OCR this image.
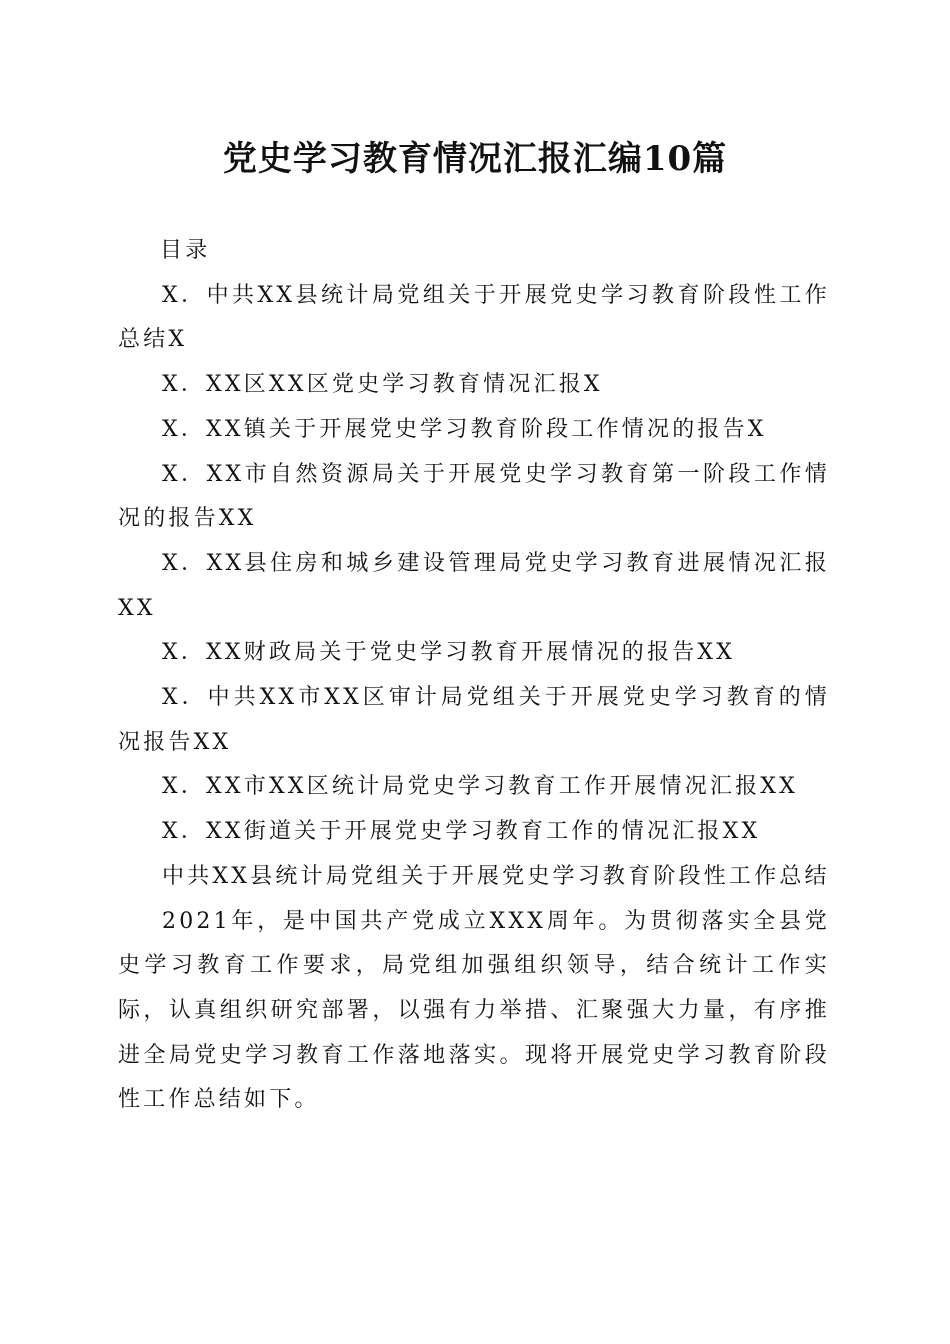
党史学习教育情况汇报汇编10篇

目录

X．中共XX县统计局党组关于开展党史学习教育阶段性工作总结X

X．XX区XX区党史学习教育情况汇报X

X．XX镇关于开展党史学习教育阶段工作情况的报告X

X．XX市自然资源局关于开展党史学习教育第一阶段工作情况的报告XX

X．XX县住房和城乡建设管理局党史学习教育进展情况汇报XX

X．XX财政局关于党史学习教育开展情况的报告XX

X．中共XX市XX区审计局党组关于开展党史学习教育的情况报告XX

X．XX市XX区统计局党史学习教育工作开展情况汇报XX

X．XX街道关于开展党史学习教育工作的情况汇报XX

中共XX县统计局党组关于开展党史学习教育阶段性工作总结

2021年，是中国共产党成立XXX周年。为贯彻落实全县党史学习教育工作要求，局党组加强组织领导，结合统计工作实际，认真组织研究部署，以强有力举措、汇聚强大力量，有序推进全局党史学习教育工作落地落实。现将开展党史学习教育阶段性工作总结如下。
